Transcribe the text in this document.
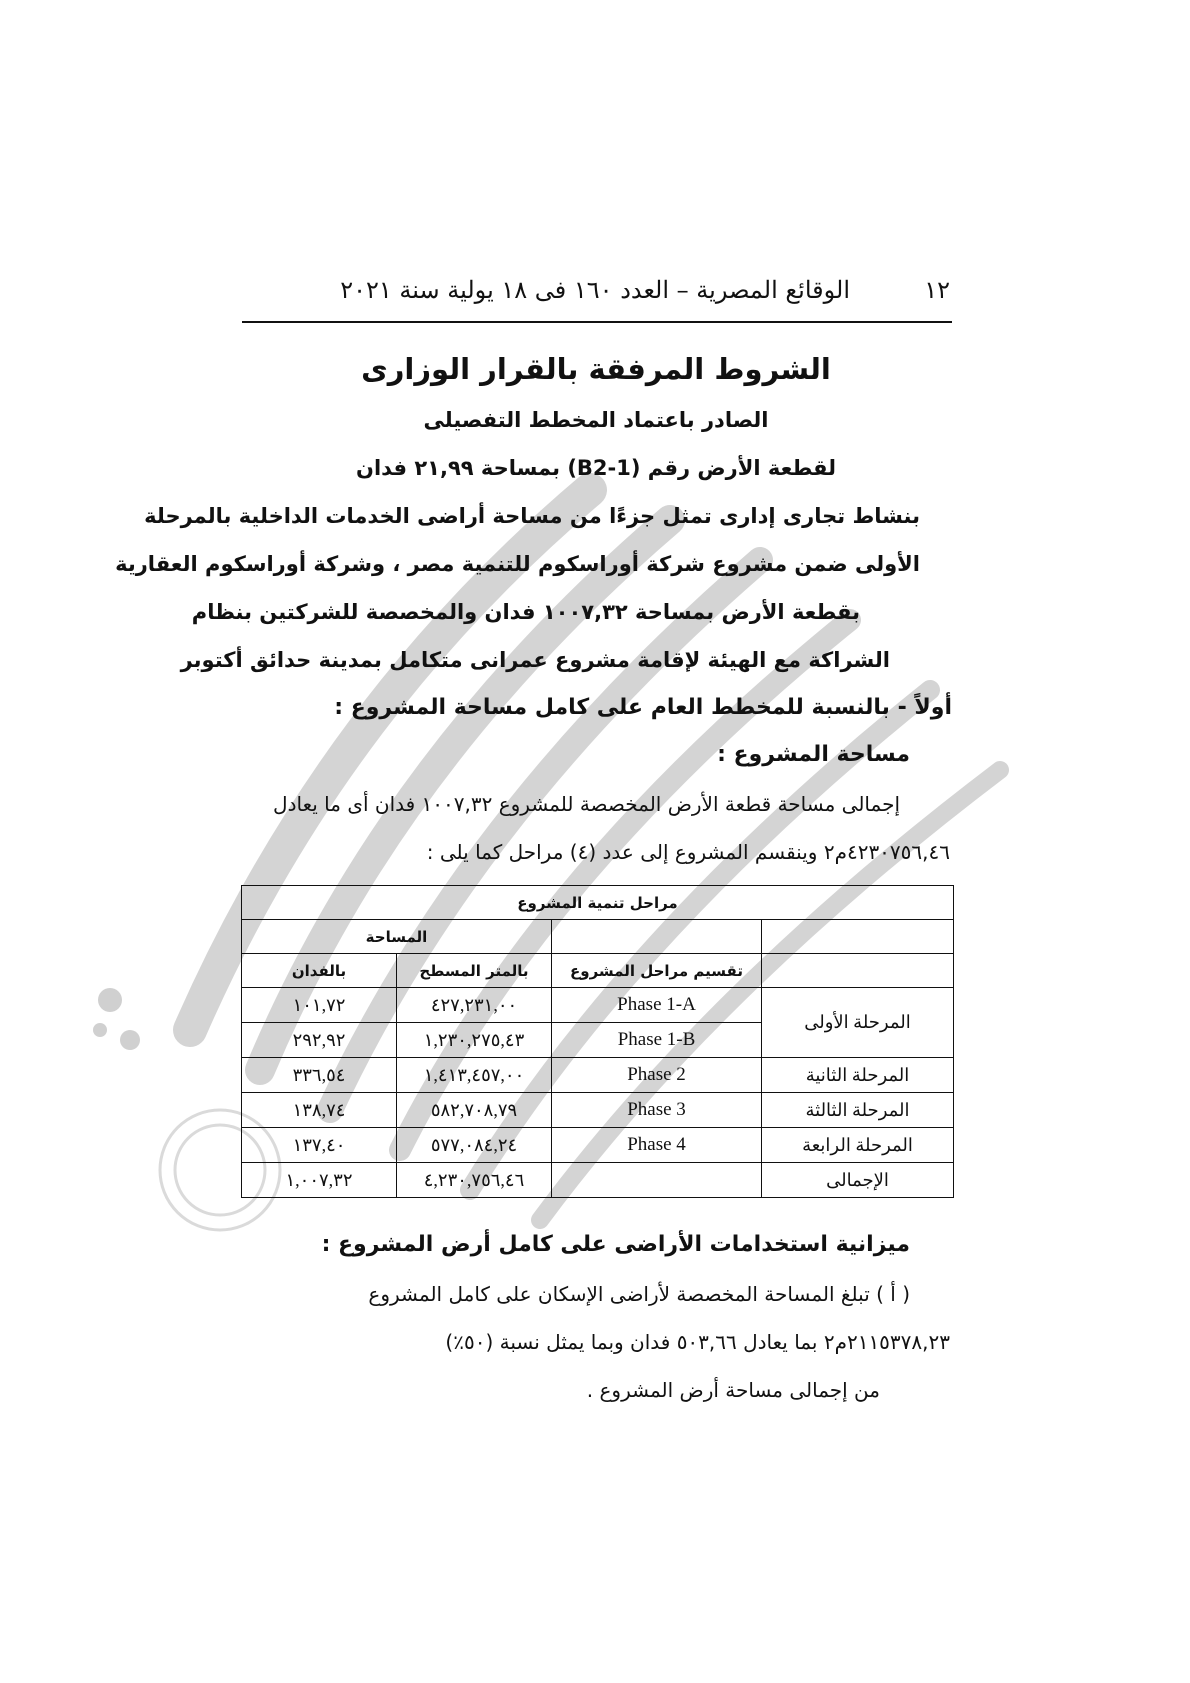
١٢
الوقائع المصرية – العدد ١٦٠ فى ١٨ يولية سنة ٢٠٢١
الشروط المرفقة بالقرار الوزارى
الصادر باعتماد المخطط التفصيلى
لقطعة الأرض رقم (1-B2) بمساحة ٢١,٩٩ فدان
بنشاط تجارى إدارى تمثل جزءًا من مساحة أراضى الخدمات الداخلية بالمرحلة
الأولى ضمن مشروع شركة أوراسكوم للتنمية مصر ، وشركة أوراسكوم العقارية
بقطعة الأرض بمساحة ١٠٠٧,٣٢ فدان والمخصصة للشركتين بنظام
الشراكة مع الهيئة لإقامة مشروع عمرانى متكامل بمدينة حدائق أكتوبر
أولاً - بالنسبة للمخطط العام على كامل مساحة المشروع :
مساحة المشروع :
إجمالى مساحة قطعة الأرض المخصصة للمشروع ١٠٠٧,٣٢ فدان أى ما يعادل
٤٢٣٠٧٥٦,٤٦م٢ وينقسم المشروع إلى عدد (٤) مراحل كما يلى :
مراحل تنمية المشروع			
		المساحة	
	تقسيم مراحل المشروع	بالمتر المسطح	بالفدان
المرحلة الأولى	Phase 1-A	٤٢٧,٢٣١,٠٠	١٠١,٧٢
	Phase 1-B	١,٢٣٠,٢٧٥,٤٣	٢٩٢,٩٢
المرحلة الثانية	Phase 2	١,٤١٣,٤٥٧,٠٠	٣٣٦,٥٤
المرحلة الثالثة	Phase 3	٥٨٢,٧٠٨,٧٩	١٣٨,٧٤
المرحلة الرابعة	Phase 4	٥٧٧,٠٨٤,٢٤	١٣٧,٤٠
الإجمالى		٤,٢٣٠,٧٥٦,٤٦	١,٠٠٧,٣٢
ميزانية استخدامات الأراضى على كامل أرض المشروع :
( أ ) تبلغ المساحة المخصصة لأراضى الإسكان على كامل المشروع
٢١١٥٣٧٨,٢٣م٢ بما يعادل ٥٠٣,٦٦ فدان وبما يمثل نسبة (٥٠٪)
من إجمالى مساحة أرض المشروع .
